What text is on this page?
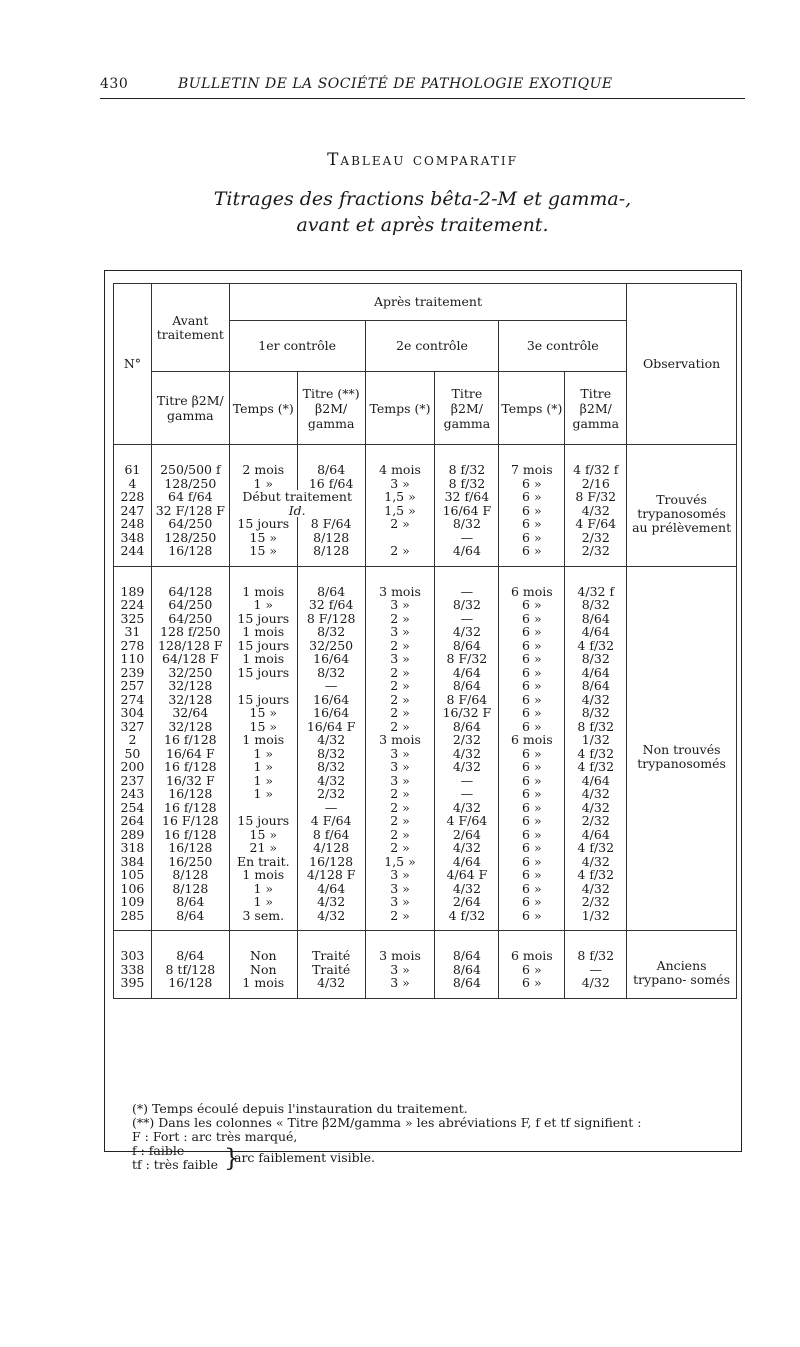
430	BULLETIN DE LA SOCIÉTÉ DE PATHOLOGIE EXOTIQUE
Tableau comparatif
Titrages des fractions bêta-2-M et gamma-,
avant et après traitement.
N°	Avant traitement	Après traitement						Observation
		1er contrôle		2e contrôle		3e contrôle		
	Titre β2M/ gamma	Temps (*)	Titre (**) β2M/ gamma	Temps (*)	Titre β2M/ gamma	Temps (*)	Titre β2M/ gamma	
61	250/500 f	2 mois	8/64	4 mois	8 f/32	7 mois	4 f/32 f	Trouvés trypanosomés au prélèvement
4	128/250	1 »	16 f/64	3 »	8 f/32	6 »	2/16	
228	64 f/64	Début traitement		1,5 »	32 f/64	6 »	8 F/32	
247	32 F/128 F	Id.		1,5 »	16/64 F	6 »	4/32	
248	64/250	15 jours	8 F/64	2 »	8/32	6 »	4 F/64	
348	128/250	15 »	8/128		—	6 »	2/32	
244	16/128	15 »	8/128	2 »	4/64	6 »	2/32	
189	64/128	1 mois	8/64	3 mois	—	6 mois	4/32 f	Non trouvés trypanosomés
224	64/250	1 »	32 f/64	3 »	8/32	6 »	8/32	
325	64/250	15 jours	8 F/128	2 »	—	6 »	8/64	
31	128 f/250	1 mois	8/32	3 »	4/32	6 »	4/64	
278	128/128 F	15 jours	32/250	2 »	8/64	6 »	4 f/32	
110	64/128 F	1 mois	16/64	3 »	8 F/32	6 »	8/32	
239	32/250	15 jours	8/32	2 »	4/64	6 »	4/64	
257	32/128		—	2 »	8/64	6 »	8/64	
274	32/128	15 jours	16/64	2 »	8 F/64	6 »	4/32	
304	32/64	15 »	16/64	2 »	16/32 F	6 »	8/32	
327	32/128	15 »	16/64 F	2 »	8/64	6 »	8 f/32	
2	16 f/128	1 mois	4/32	3 mois	2/32	6 mois	1/32	
50	16/64 F	1 »	8/32	3 »	4/32	6 »	4 f/32	
200	16 f/128	1 »	8/32	3 »	4/32	6 »	4 f/32	
237	16/32 F	1 »	4/32	3 »	—	6 »	4/64	
243	16/128	1 »	2/32	2 »	—	6 »	4/32	
254	16 f/128		—	2 »	4/32	6 »	4/32	
264	16 F/128	15 jours	4 F/64	2 »	4 F/64	6 »	2/32	
289	16 f/128	15 »	8 f/64	2 »	2/64	6 »	4/64	
318	16/128	21 »	4/128	2 »	4/32	6 »	4 f/32	
384	16/250	En trait.	16/128	1,5 »	4/64	6 »	4/32	
105	8/128	1 mois	4/128 F	3 »	4/64 F	6 »	4 f/32	
106	8/128	1 »	4/64	3 »	4/32	6 »	4/32	
109	8/64	1 »	4/32	3 »	2/64	6 »	2/32	
285	8/64	3 sem.	4/32	2 »	4 f/32	6 »	1/32	
303	8/64	Non	Traité	3 mois	8/64	6 mois	8 f/32	Anciens trypano- somés
338	8 tf/128	Non	Traité	3 »	8/64	6 »	—	
395	16/128	1 mois	4/32	3 »	8/64	6 »	4/32	
(*) Temps écoulé depuis l'instauration du traitement.
(**) Dans les colonnes « Titre β2M/gamma » les abréviations F, f et tf signifient :
F : Fort : arc très marqué,
f : faible
tf : très faible }
arc faiblement visible.
